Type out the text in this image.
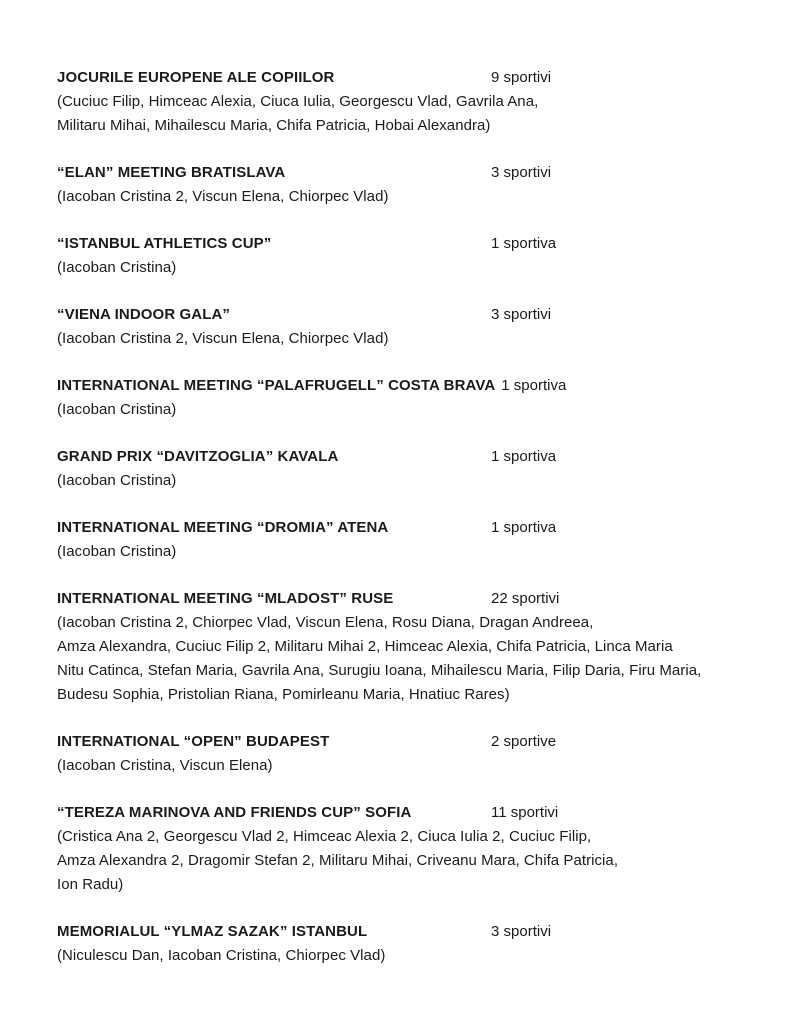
JOCURILE EUROPENE ALE COPIILOR	9 sportivi
(Cuciuc Filip, Himceac Alexia, Ciuca Iulia, Georgescu Vlad, Gavrila Ana,
Militaru Mihai, Mihailescu Maria, Chifa Patricia, Hobai Alexandra)
“ELAN” MEETING BRATISLAVA	3 sportivi
(Iacoban Cristina 2, Viscun Elena, Chiorpec Vlad)
“ISTANBUL ATHLETICS CUP”	1 sportiva
(Iacoban Cristina)
“VIENA INDOOR GALA”	3 sportivi
(Iacoban Cristina 2, Viscun Elena, Chiorpec Vlad)
INTERNATIONAL MEETING “PALAFRUGELL” COSTA BRAVA 1 sportiva
(Iacoban Cristina)
GRAND PRIX “DAVITZOGLIA” KAVALA	1 sportiva
(Iacoban Cristina)
INTERNATIONAL MEETING “DROMIA” ATENA	1 sportiva
(Iacoban Cristina)
INTERNATIONAL MEETING “MLADOST” RUSE	22 sportivi
(Iacoban Cristina 2, Chiorpec Vlad, Viscun Elena, Rosu Diana, Dragan Andreea,
Amza Alexandra, Cuciuc Filip 2, Militaru Mihai 2, Himceac Alexia, Chifa Patricia, Linca Maria
Nitu Catinca, Stefan Maria, Gavrila Ana, Surugiu Ioana, Mihailescu Maria, Filip Daria, Firu Maria,
Budesu Sophia, Pristolian Riana, Pomirleanu Maria, Hnatiuc Rares)
INTERNATIONAL “OPEN” BUDAPEST	2 sportive
(Iacoban Cristina, Viscun Elena)
“TEREZA MARINOVA AND FRIENDS CUP” SOFIA	11 sportivi
(Cristica Ana 2, Georgescu Vlad 2, Himceac Alexia 2, Ciuca Iulia 2, Cuciuc Filip,
Amza Alexandra 2, Dragomir Stefan 2, Militaru Mihai, Criveanu Mara, Chifa Patricia,
Ion Radu)
MEMORIALUL “YLMAZ SAZAK” ISTANBUL	3 sportivi
(Niculescu Dan, Iacoban Cristina, Chiorpec Vlad)
